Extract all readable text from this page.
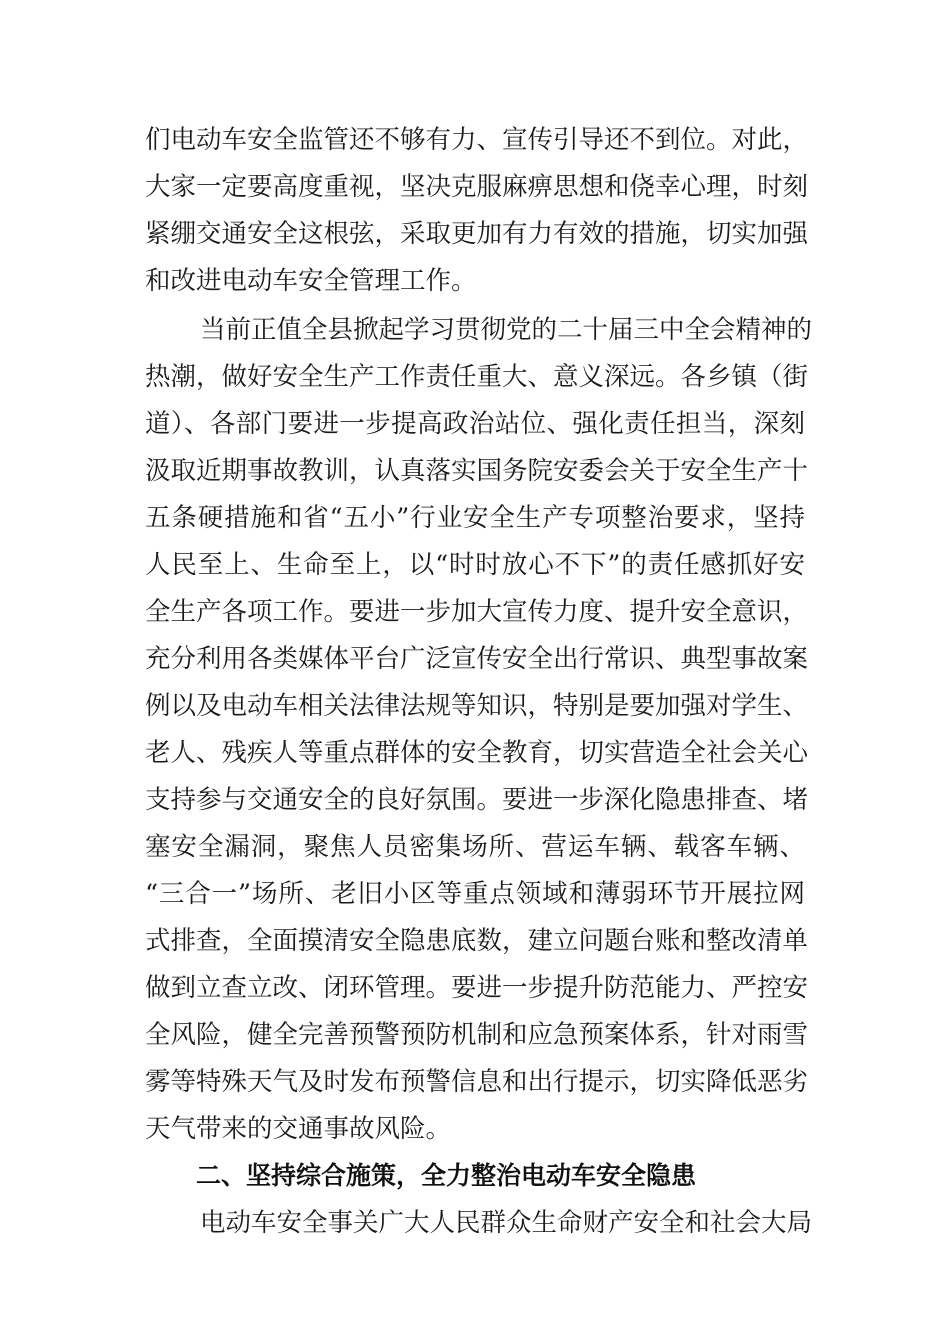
们电动车安全监管还不够有力、宣传引导还不到位。对此，
大家一定要高度重视，坚决克服麻痹思想和侥幸心理，时刻
紧绷交通安全这根弦，采取更加有力有效的措施，切实加强
和改进电动车安全管理工作。
当前正值全县掀起学习贯彻党的二十届三中全会精神的
热潮，做好安全生产工作责任重大、意义深远。各乡镇（街
道）、各部门要进一步提高政治站位、强化责任担当，深刻
汲取近期事故教训，认真落实国务院安委会关于安全生产十
五条硬措施和省“五小”行业安全生产专项整治要求，坚持
人民至上、生命至上，以“时时放心不下”的责任感抓好安
全生产各项工作。要进一步加大宣传力度、提升安全意识，
充分利用各类媒体平台广泛宣传安全出行常识、典型事故案
例以及电动车相关法律法规等知识，特别是要加强对学生、
老人、残疾人等重点群体的安全教育，切实营造全社会关心
支持参与交通安全的良好氛围。要进一步深化隐患排查、堵
塞安全漏洞，聚焦人员密集场所、营运车辆、载客车辆、
“三合一”场所、老旧小区等重点领域和薄弱环节开展拉网
式排查，全面摸清安全隐患底数，建立问题台账和整改清单
做到立查立改、闭环管理。要进一步提升防范能力、严控安
全风险，健全完善预警预防机制和应急预案体系，针对雨雪
雾等特殊天气及时发布预警信息和出行提示，切实降低恶劣
天气带来的交通事故风险。
二、坚持综合施策，全力整治电动车安全隐患
电动车安全事关广大人民群众生命财产安全和社会大局
